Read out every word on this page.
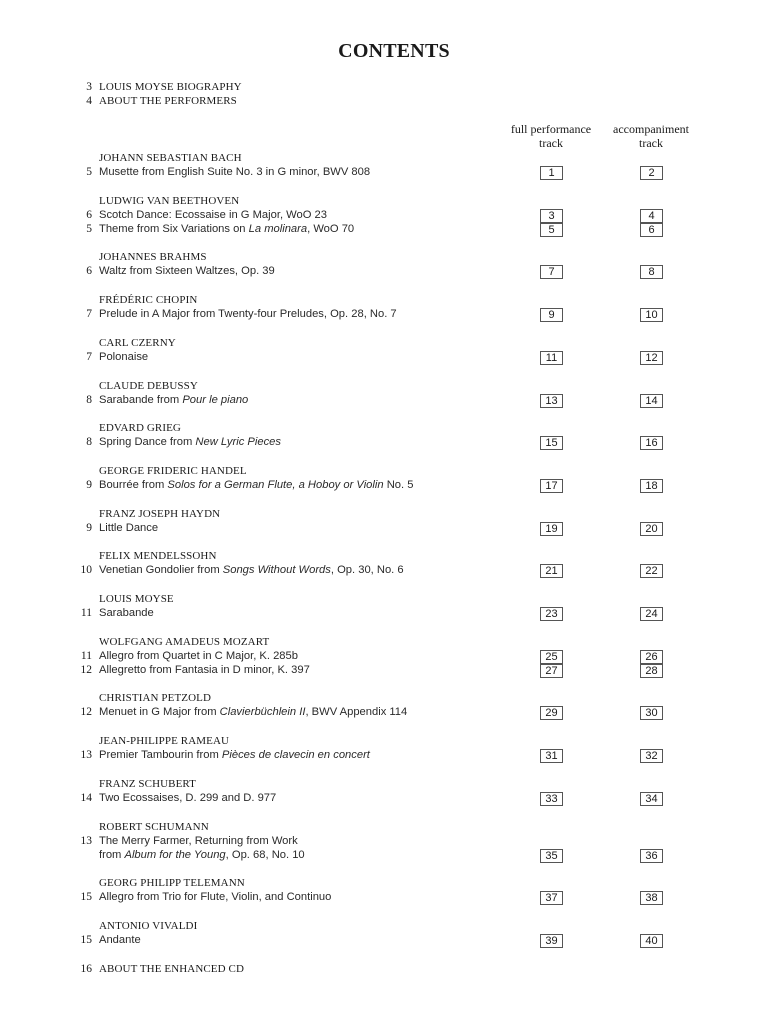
CONTENTS
full performance
track
accompaniment
track
3 LOUIS MOYSE BIOGRAPHY
4 ABOUT THE PERFORMERS
JOHANN SEBASTIAN BACH
5 Musette from English Suite No. 3 in G minor, BWV 808	1	2
LUDWIG VAN BEETHOVEN
6 Scotch Dance: Ecossaise in G Major, WoO 23	3	4
5 Theme from Six Variations on La molinara, WoO 70	5	6
JOHANNES BRAHMS
6 Waltz from Sixteen Waltzes, Op. 39	7	8
FRÉDÉRIC CHOPIN
7 Prelude in A Major from Twenty-four Preludes, Op. 28, No. 7	9	10
CARL CZERNY
7 Polonaise	11	12
CLAUDE DEBUSSY
8 Sarabande from Pour le piano	13	14
EDVARD GRIEG
8 Spring Dance from New Lyric Pieces	15	16
GEORGE FRIDERIC HANDEL
9 Bourrée from Solos for a German Flute, a Hoboy or Violin No. 5	17	18
FRANZ JOSEPH HAYDN
9 Little Dance	19	20
FELIX MENDELSSOHN
10 Venetian Gondolier from Songs Without Words, Op. 30, No. 6	21	22
LOUIS MOYSE
11 Sarabande	23	24
WOLFGANG AMADEUS MOZART
11 Allegro from Quartet in C Major, K. 285b	25	26
12 Allegretto from Fantasia in D minor, K. 397	27	28
CHRISTIAN PETZOLD
12 Menuet in G Major from Clavierbüchlein II, BWV Appendix 114	29	30
JEAN-PHILIPPE RAMEAU
13 Premier Tambourin from Pièces de clavecin en concert	31	32
FRANZ SCHUBERT
14 Two Ecossaises, D. 299 and D. 977	33	34
ROBERT SCHUMANN
13 The Merry Farmer, Returning from Work
from Album for the Young, Op. 68, No. 10	35	36
GEORG PHILIPP TELEMANN
15 Allegro from Trio for Flute, Violin, and Continuo	37	38
ANTONIO VIVALDI
15 Andante	39	40
16 ABOUT THE ENHANCED CD
